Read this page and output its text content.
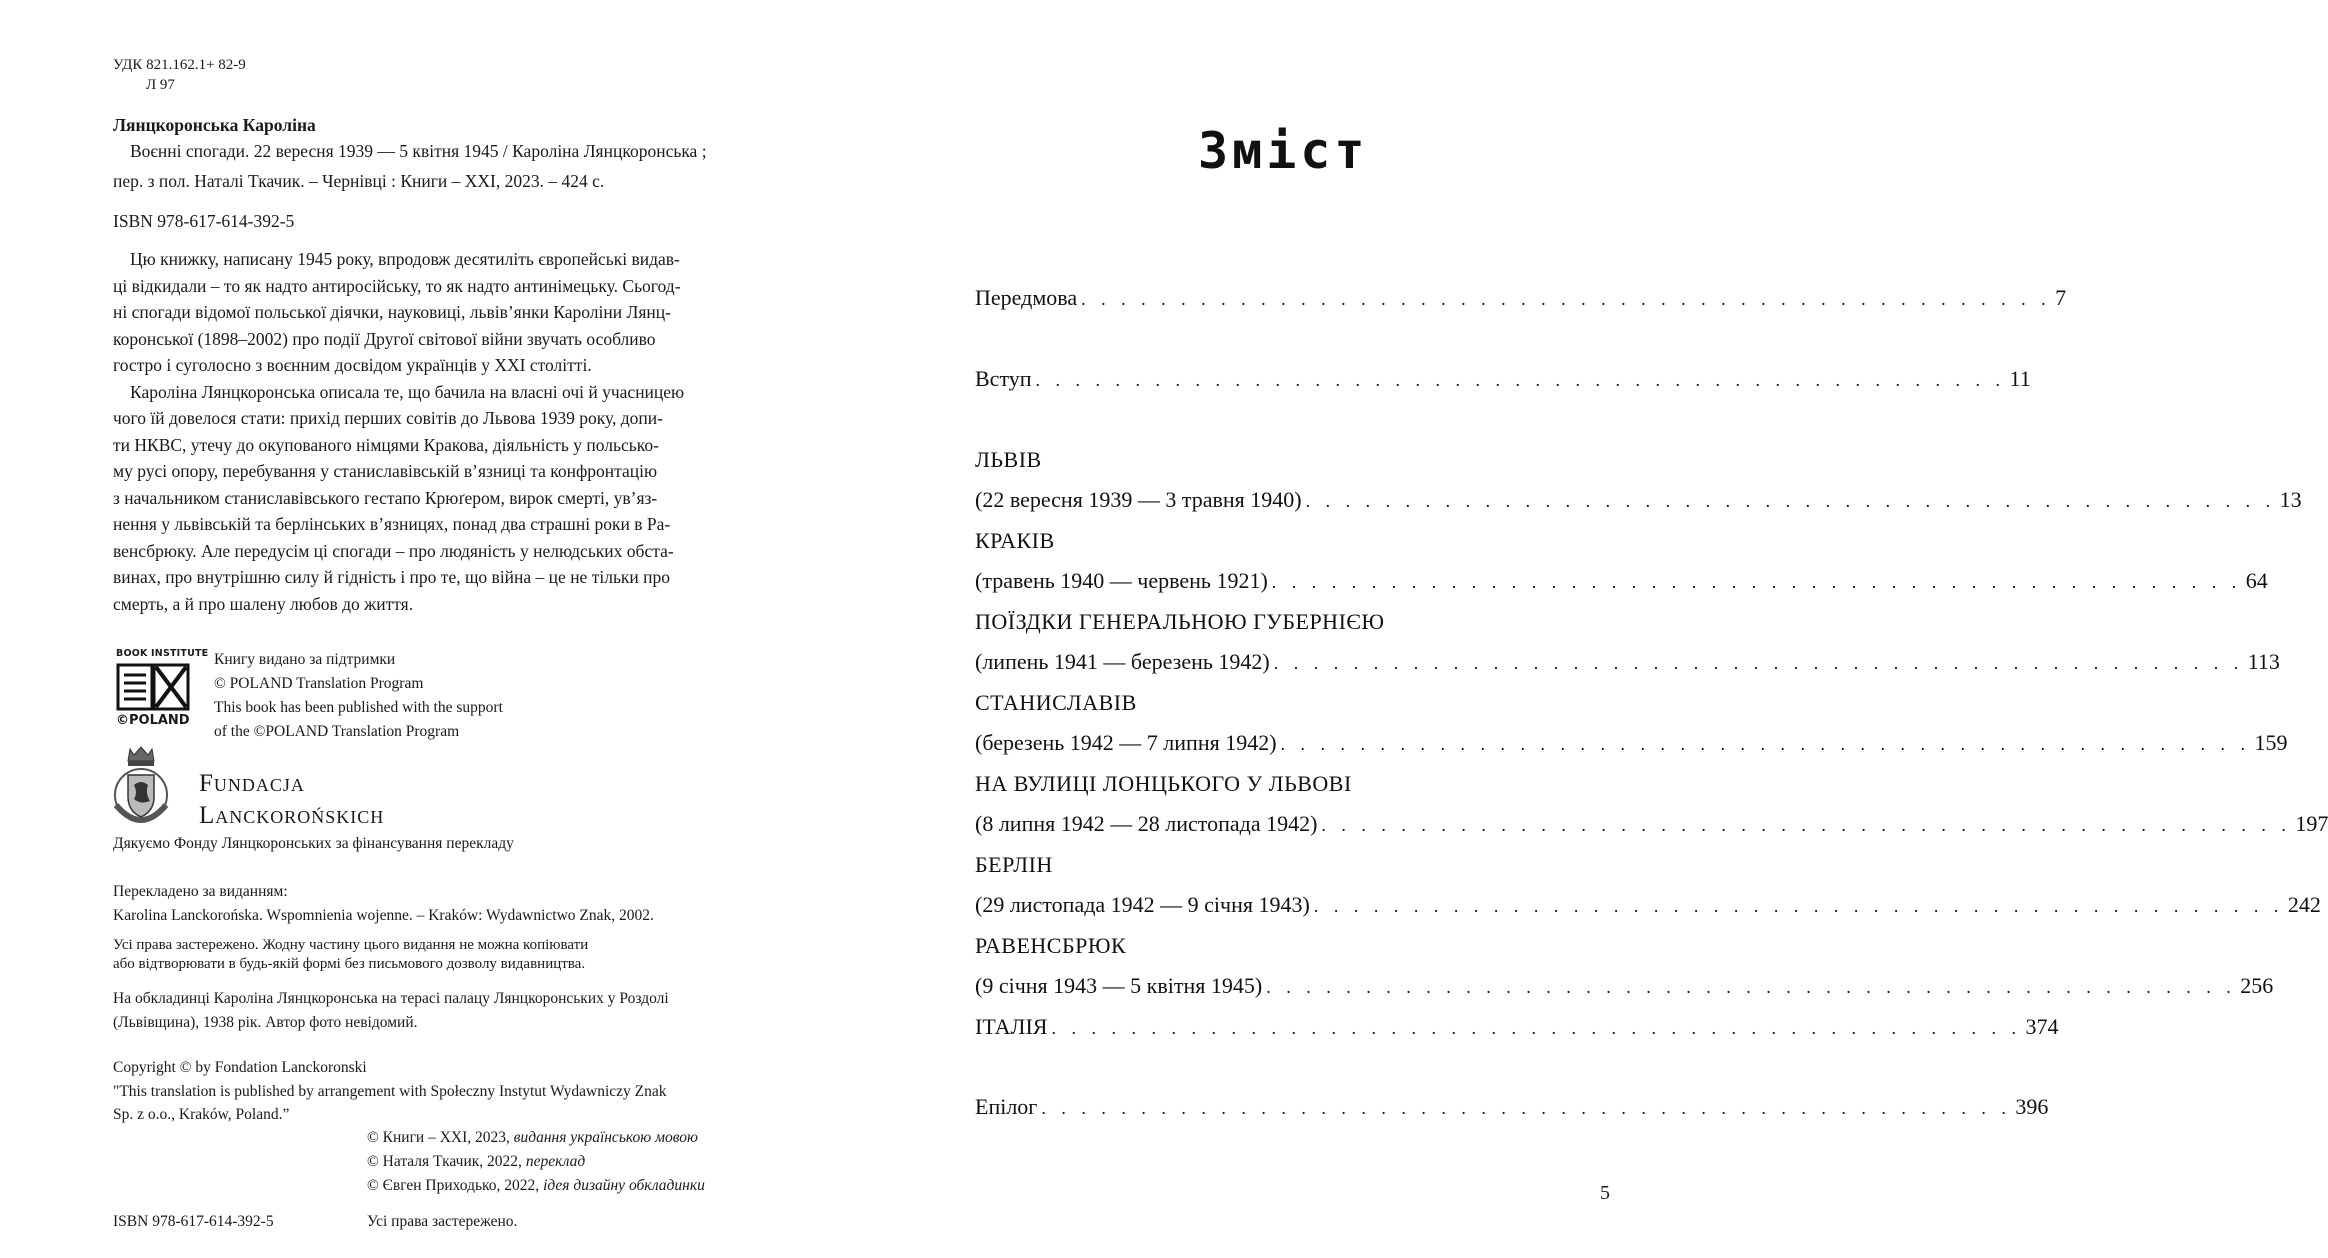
УДК 821.162.1+ 82-9
Л 97
Лянцкоронська Кароліна
Воєнні спогади. 22 вересня 1939 — 5 квітня 1945 / Кароліна Лянцкоронська ;
пер. з пол. Наталі Ткачик. – Чернівці : Книги – XXI, 2023. – 424 с.
ISBN 978-617-614-392-5
Цю книжку, написану 1945 року, впродовж десятиліть європейські видав-
ці відкидали – то як надто антиросійську, то як надто антинімецьку. Сьогод-
ні спогади відомої польської діячки, науковиці, львів’янки Кароліни Лянц-
коронської (1898–2002) про події Другої світової війни звучать особливо
гостро і суголосно з воєнним досвідом українців у XXI столітті.
Кароліна Лянцкоронська описала те, що бачила на власні очі й учасницею
чого їй довелося стати: прихід перших совітів до Львова 1939 року, допи-
ти НКВС, утечу до окупованого німцями Кракова, діяльність у польсько-
му русі опору, перебування у станиславівській в’язниці та конфронтацію
з начальником станиславівського гестапо Крюґером, вирок смерті, ув’яз-
нення у львівській та берлінських в’язницях, понад два страшні роки в Ра-
венсбрюку. Але передусім ці спогади – про людяність у нелюдських обста-
винах, про внутрішню силу й гідність і про те, що війна – це не тільки про
смерть, а й про шалену любов до життя.
BOOK INSTITUTE
©POLAND
Книгу видано за підтримки
© POLAND Translation Program
This book has been published with the support
of the ©POLAND Translation Program
Fundacja
Lanckorońskich
Дякуємо Фонду Лянцкоронських за фінансування перекладу
Перекладено за виданням:
Karolina Lanckorońska. Wspomnienia wojenne. – Kraków: Wydawnictwo Znak, 2002.
Усі права застережено. Жодну частину цього видання не можна копіювати
або відтворювати в будь-якій формі без письмового дозволу видавництва.
На обкладинці Кароліна Лянцкоронська на терасі палацу Лянцкоронських у Роздолі
(Львівщина), 1938 рік. Автор фото невідомий.
Copyright © by Fondation Lanckoronski
"This translation is published by arrangement with Społeczny Instytut Wydawniczy Znak
Sp. z o.o., Kraków, Poland.”
© Книги – XXI, 2023, видання українською мовою
© Наталя Ткачик, 2022, переклад
© Євген Приходько, 2022, ідея дизайну обкладинки
ISBN 978-617-614-392-5	Усі права застережено.
Зміст
Передмова . . . . . . . . . . . . . . . . . . . . . . . . . . . . . . . . . . . . . . . . . . . . . . . . . 7
Вступ . . . . . . . . . . . . . . . . . . . . . . . . . . . . . . . . . . . . . . . . . . . . . . . . . 11
ЛЬВІВ
(22 вересня 1939 — 3 травня 1940) . . . . . . . . . . . . . . . . . . . . . . . . . . . . . . . . . . . . . . . . . . . . . . . . . 13
КРАКІВ
(травень 1940 — червень 1921) . . . . . . . . . . . . . . . . . . . . . . . . . . . . . . . . . . . . . . . . . . . . . . . . . 64
ПОЇЗДКИ ГЕНЕРАЛЬНОЮ ГУБЕРНІЄЮ
(липень 1941 — березень 1942) . . . . . . . . . . . . . . . . . . . . . . . . . . . . . . . . . . . . . . . . . . . . . . . . . 113
СТАНИСЛАВІВ
(березень 1942 — 7 липня 1942) . . . . . . . . . . . . . . . . . . . . . . . . . . . . . . . . . . . . . . . . . . . . . . . . . 159
НА ВУЛИЦІ ЛОНЦЬКОГО У ЛЬВОВІ
(8 липня 1942 — 28 листопада 1942) . . . . . . . . . . . . . . . . . . . . . . . . . . . . . . . . . . . . . . . . . . . . . . . . . 197
БЕРЛІН
(29 листопада 1942 — 9 січня 1943) . . . . . . . . . . . . . . . . . . . . . . . . . . . . . . . . . . . . . . . . . . . . . . . . . 242
РАВЕНСБРЮК
(9 січня 1943 — 5 квітня 1945) . . . . . . . . . . . . . . . . . . . . . . . . . . . . . . . . . . . . . . . . . . . . . . . . . 256
ІТАЛІЯ . . . . . . . . . . . . . . . . . . . . . . . . . . . . . . . . . . . . . . . . . . . . . . . . . 374
Епілог . . . . . . . . . . . . . . . . . . . . . . . . . . . . . . . . . . . . . . . . . . . . . . . . . 396
5
